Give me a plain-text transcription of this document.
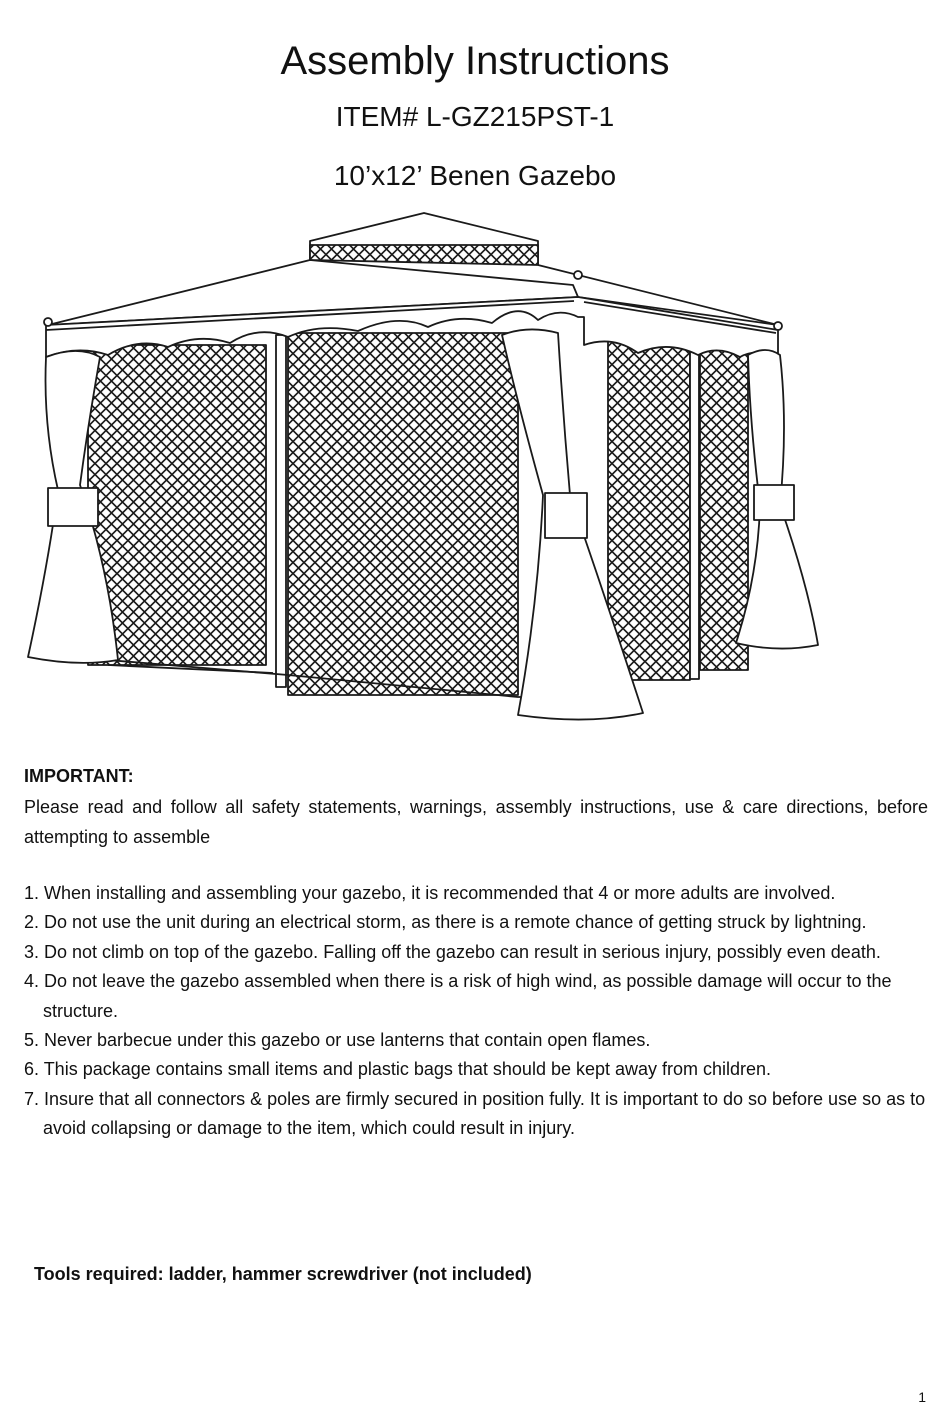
Assembly Instructions
ITEM# L-GZ215PST-1
10’x12’ Benen Gazebo
IMPORTANT:
Please read and follow all safety statements, warnings, assembly instructions, use & care directions, before attempting to assemble
1. When installing and assembling your gazebo, it is recommended that 4 or more adults are involved.
2. Do not use the unit during an electrical storm, as there is a remote chance of getting struck by lightning.
3. Do not climb on top of the gazebo. Falling off the gazebo can result in serious injury, possibly even death.
4. Do not leave the gazebo assembled when there is a risk of high wind, as possible damage will occur to the structure.
5. Never barbecue under this gazebo or use lanterns that contain open flames.
6. This package contains small items and plastic bags that should be kept away from children.
7. Insure that all connectors & poles are firmly secured in position fully. It is important to do so before use so as to avoid collapsing or damage to the item, which could result in injury.
Tools required: ladder, hammer screwdriver (not included)
1
